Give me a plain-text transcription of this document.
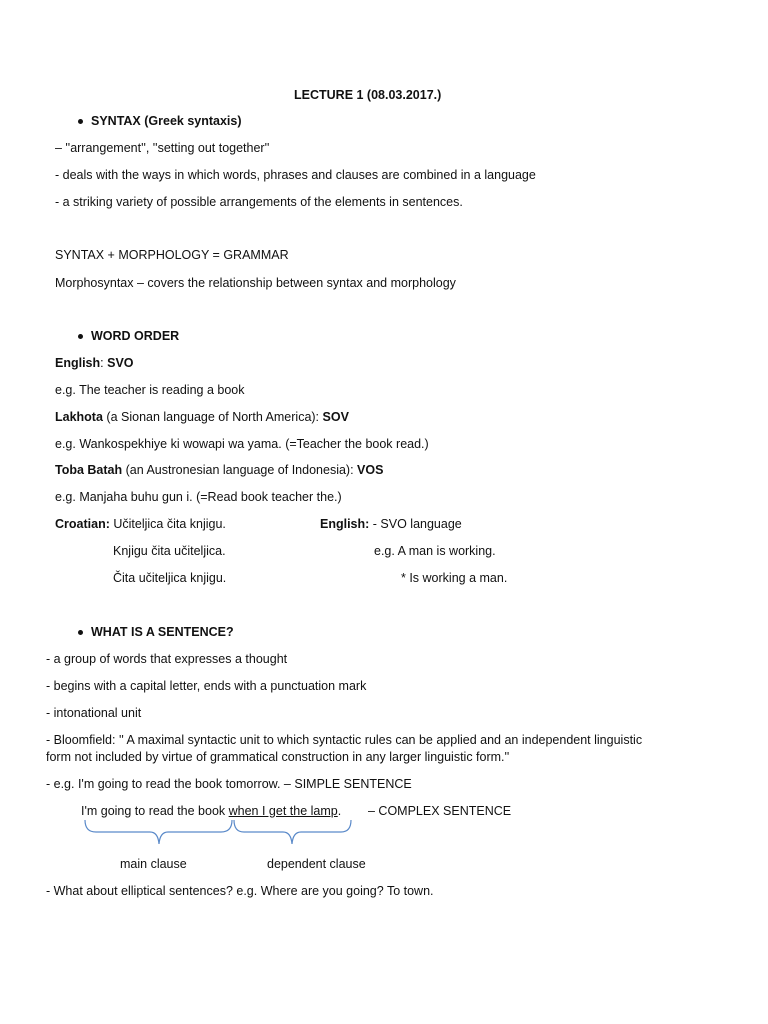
LECTURE 1 (08.03.2017.)
SYNTAX (Greek syntaxis)
– ''arrangement'', ''setting out together''
- deals with the ways in which words, phrases and clauses are combined in a language
- a striking variety of possible arrangements of the elements in sentences.
SYNTAX + MORPHOLOGY = GRAMMAR
Morphosyntax – covers the relationship between syntax and morphology
WORD ORDER
English: SVO
e.g. The teacher is reading a book
Lakhota (a Sionan language of North America): SOV
e.g. Wankospekhiye ki wowapi wa yama. (=Teacher the book read.)
Toba Batah (an Austronesian language of Indonesia): VOS
e.g. Manjaha buhu gun i. (=Read book teacher the.)
Croatian: Učiteljica čita knjigu.	English: - SVO language
Knjigu čita učiteljica.	e.g. A man is working.
Čita učiteljica knjigu.	* Is working a man.
WHAT IS A SENTENCE?
- a group of words that expresses a thought
- begins with a capital letter, ends with a punctuation mark
- intonational unit
- Bloomfield: '' A maximal syntactic unit to which syntactic rules can be applied and an independent linguistic
form not included by virtue of grammatical construction in any larger linguistic form.''
- e.g. I'm going to read the book tomorrow. – SIMPLE SENTENCE
I'm going to read the book when I get the lamp. – COMPLEX SENTENCE
main clause	dependent clause
- What about elliptical sentences? e.g. Where are you going? To town.
